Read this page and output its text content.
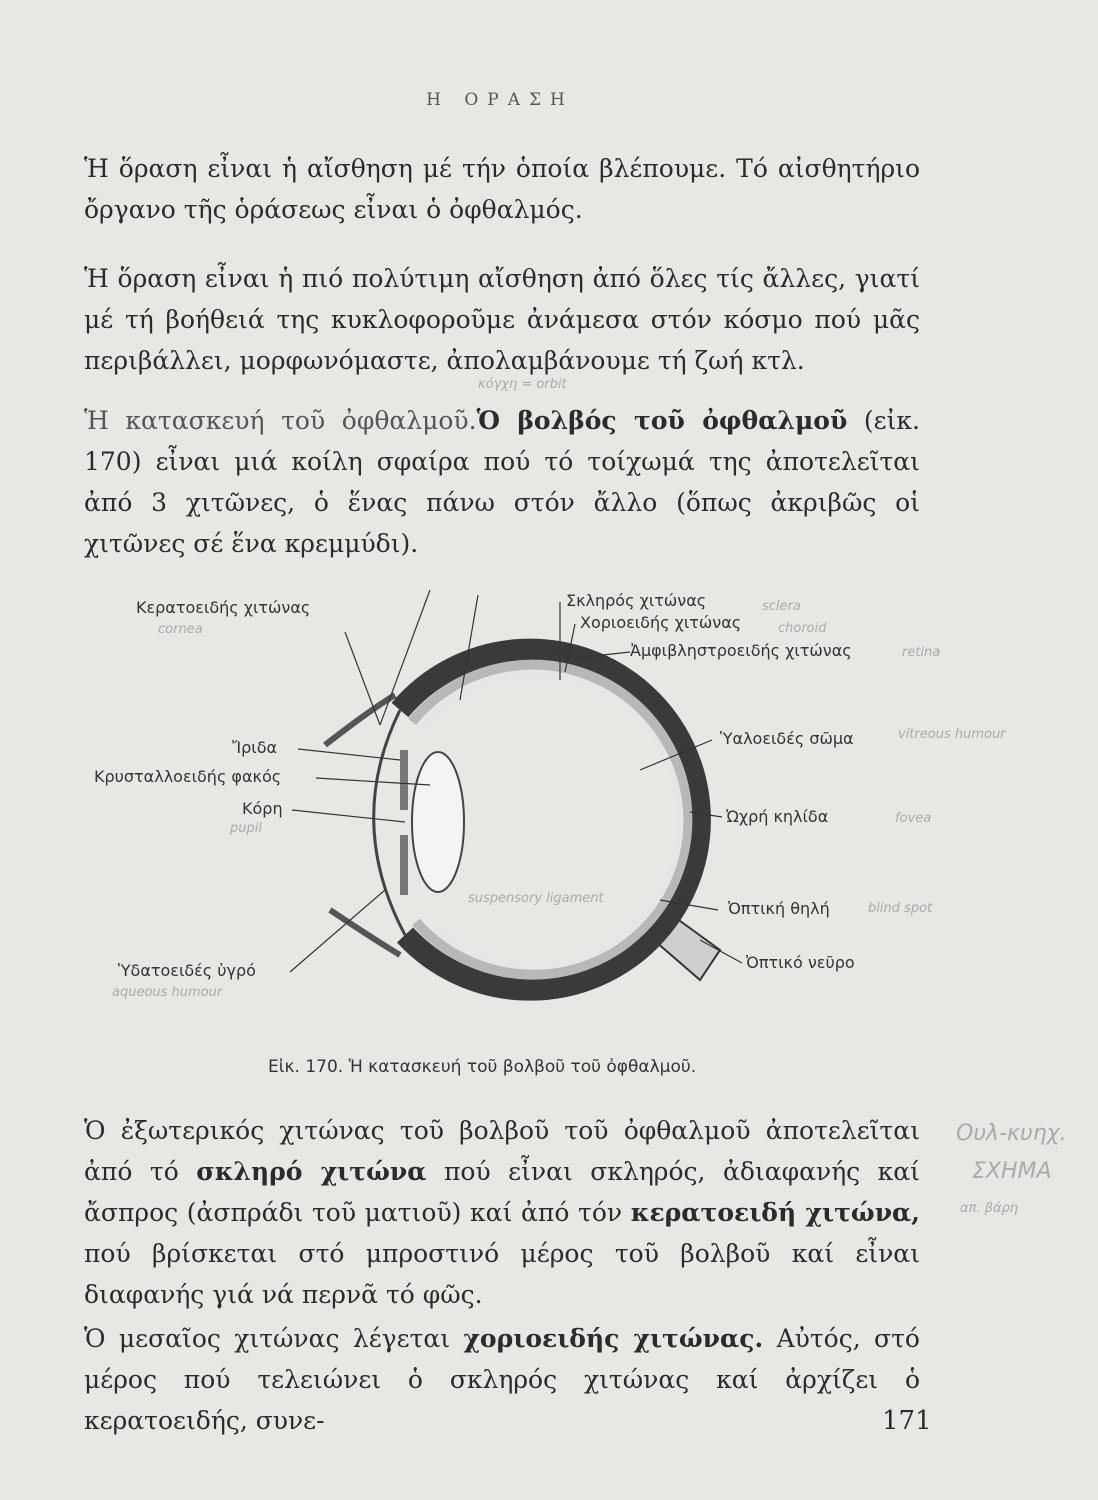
Η ΟΡΑΣΗ

Ἡ ὅραση εἶναι ἡ αἴσθηση μέ τήν ὁποία βλέπουμε. Τό αἰσθητήριο ὄργανο τῆς ὁράσεως εἶναι ὁ ὀφθαλμός.

Ἡ ὅραση εἶναι ἡ πιό πολύτιμη αἴσθηση ἀπό ὅλες τίς ἄλλες, γιατί μέ τή βοήθειά της κυκλοφοροῦμε ἀνάμεσα στόν κόσμο πού μᾶς περιβάλλει, μορφωνόμαστε, ἀπολαμβάνουμε τή ζωή κτλ.

Ἡ κατασκευή τοῦ ὀφθαλμοῦ.Ὁ βολβός τοῦ ὀφθαλμοῦ (εἰκ. 170) εἶναι μιά κοίλη σφαίρα πού τό τοίχωμά της ἀποτελεῖται ἀπό 3 χιτῶνες, ὁ ἕνας πάνω στόν ἄλλο (ὅπως ἀκριβῶς οἱ χιτῶνες σέ ἕνα κρεμμύδι).

Κερατοειδής χιτώνας	Σκληρός χιτώνας
Χοριοειδής χιτώνας
Ἀμφιβληστροειδής χιτώνας
Ὑαλοειδές σῶμα
Ἴριδα
Κρυσταλλοειδής φακός
Κόρη	Ὠχρή κηλίδα
Ὀπτική θηλή
Ὀπτικό νεῦρο
Ὑδατοειδές ὑγρό
Εἰκ. 170. Ἡ κατασκευή τοῦ βολβοῦ τοῦ ὀφθαλμοῦ.
cornea
sclera
choroid
retina
vitreous humour
pupil
fovea
blind spot
aqueous humour
suspensory ligament
κόγχη = orbit
Ουλ-κυηχ.
ΣΧΗΜΑ
απ. βάρη

Ὁ ἐξωτερικός χιτώνας τοῦ βολβοῦ τοῦ ὀφθαλμοῦ ἀποτελεῖται ἀπό τό σκληρό χιτώνα πού εἶναι σκληρός, ἀδιαφανής καί ἄσπρος (ἀσπράδι τοῦ ματιοῦ) καί ἀπό τόν κερατοειδή χιτώνα, πού βρίσκεται στό μπροστινό μέρος τοῦ βολβοῦ καί εἶναι διαφανής γιά νά περνᾶ τό φῶς.

Ὁ μεσαῖος χιτώνας λέγεται χοριοειδής χιτώνας. Αὐτός, στό μέρος πού τελειώνει ὁ σκληρός χιτώνας καί ἀρχίζει ὁ κερατοειδής, συνε-	171
